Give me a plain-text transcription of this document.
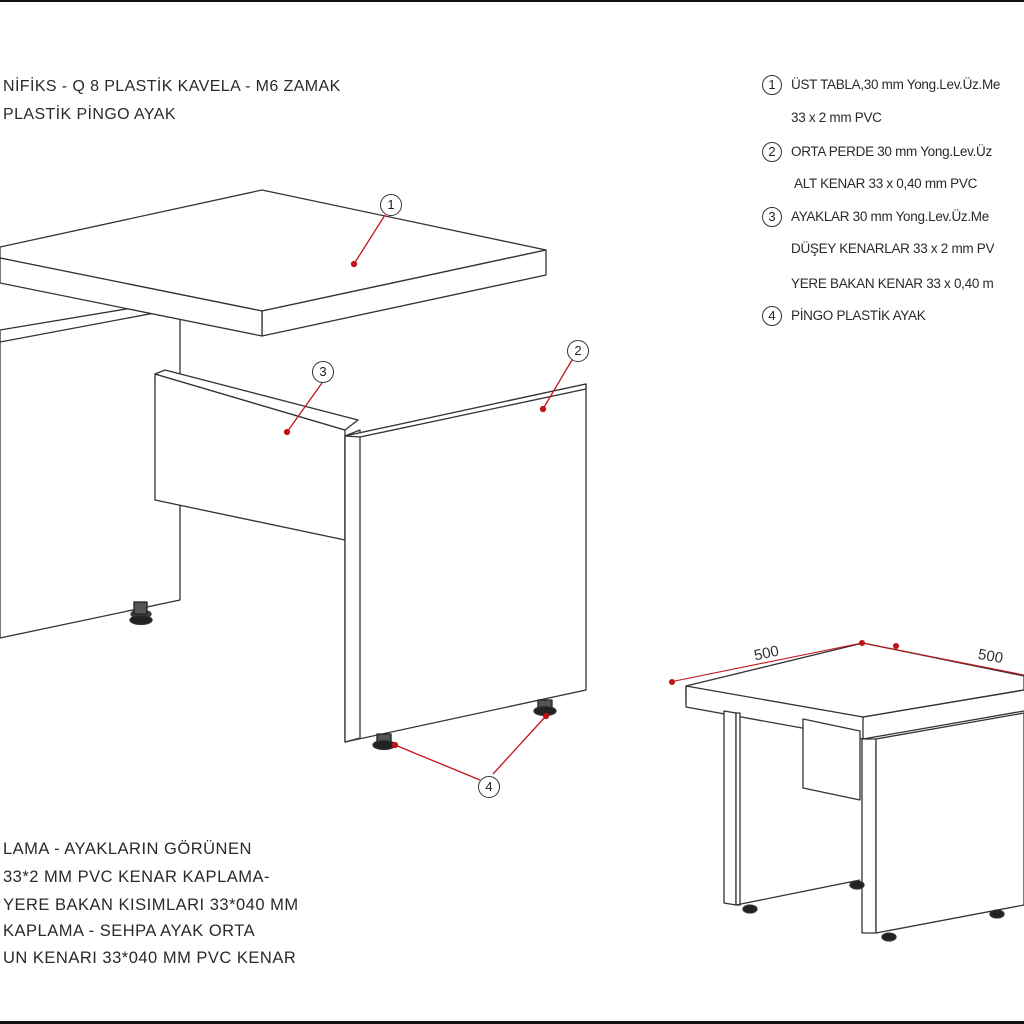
NİFİKS - Q 8 PLASTİK KAVELA - M6 ZAMAK
PLASTİK PİNGO AYAK
1	ÜST TABLA,30 mm Yong.Lev.Üz.Me
33 x 2 mm PVC
2	ORTA PERDE 30 mm Yong.Lev.Üz
ALT KENAR 33 x 0,40 mm PVC
3	AYAKLAR 30 mm Yong.Lev.Üz.Me
DÜŞEY KENARLAR 33 x 2 mm PV
YERE BAKAN KENAR 33 x 0,40 m
4	PİNGO PLASTİK AYAK
1
2
3
4
500	500
LAMA - AYAKLARIN GÖRÜNEN
33*2 MM PVC KENAR KAPLAMA-
YERE BAKAN KISIMLARI 33*040 MM
KAPLAMA - SEHPA AYAK ORTA
UN KENARI 33*040 MM PVC KENAR
